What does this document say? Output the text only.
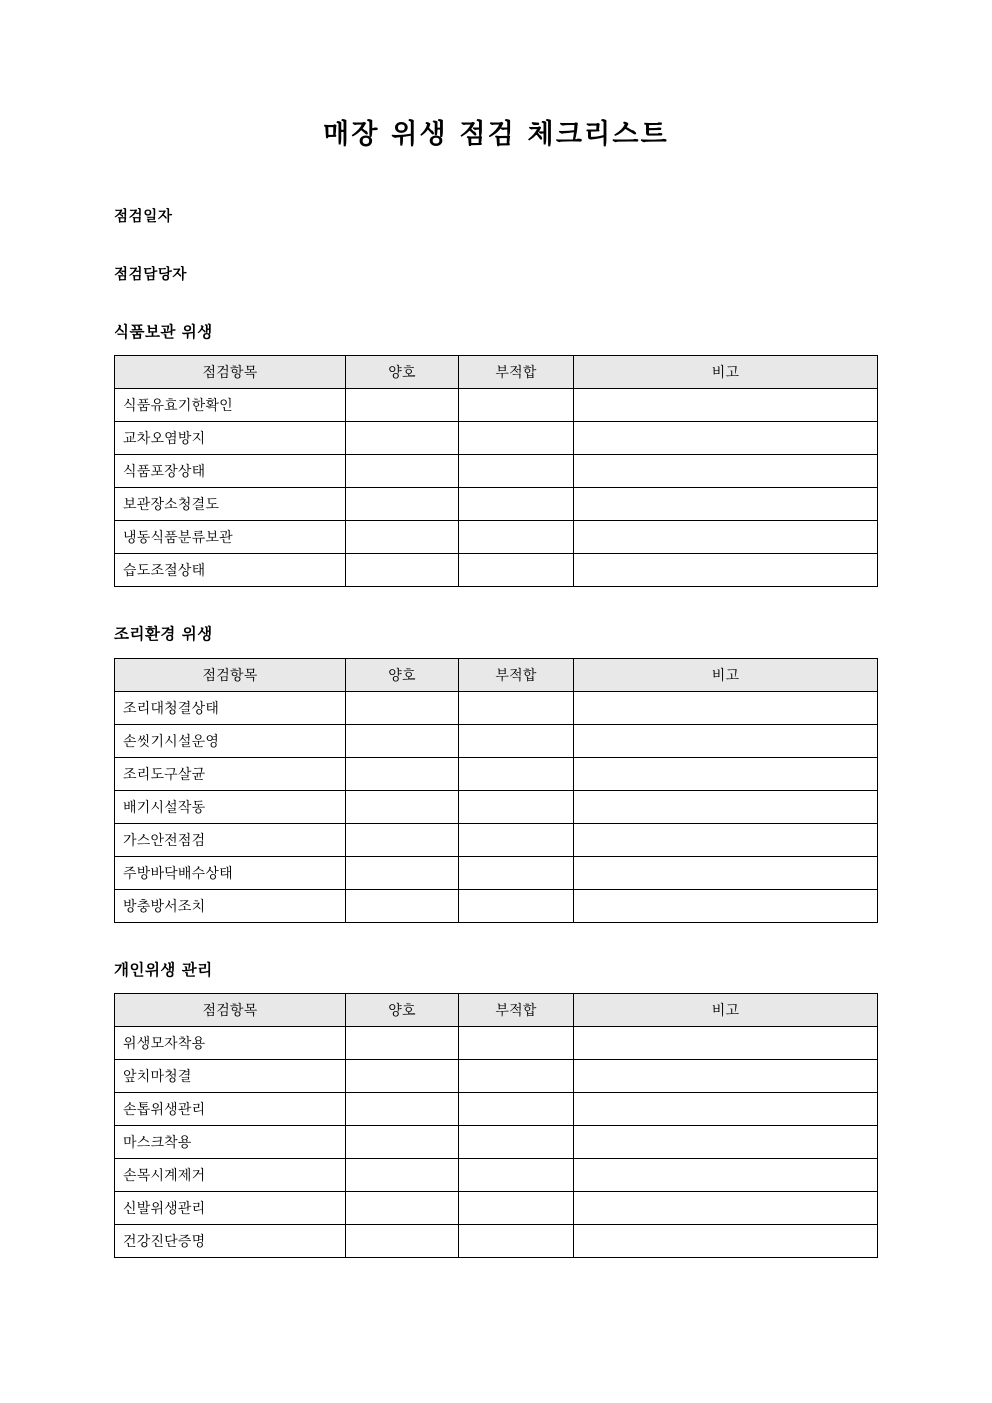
매장 위생 점검 체크리스트
점검일자
점검담당자
식품보관 위생
점검항목	양호	부적합	비고
식품유효기한확인			
교차오염방지			
식품포장상태			
보관장소청결도			
냉동식품분류보관			
습도조절상태			
조리환경 위생
점검항목	양호	부적합	비고
조리대청결상태			
손씻기시설운영			
조리도구살균			
배기시설작동			
가스안전점검			
주방바닥배수상태			
방충방서조치			
개인위생 관리
점검항목	양호	부적합	비고
위생모자착용			
앞치마청결			
손톱위생관리			
마스크착용			
손목시계제거			
신발위생관리			
건강진단증명			
